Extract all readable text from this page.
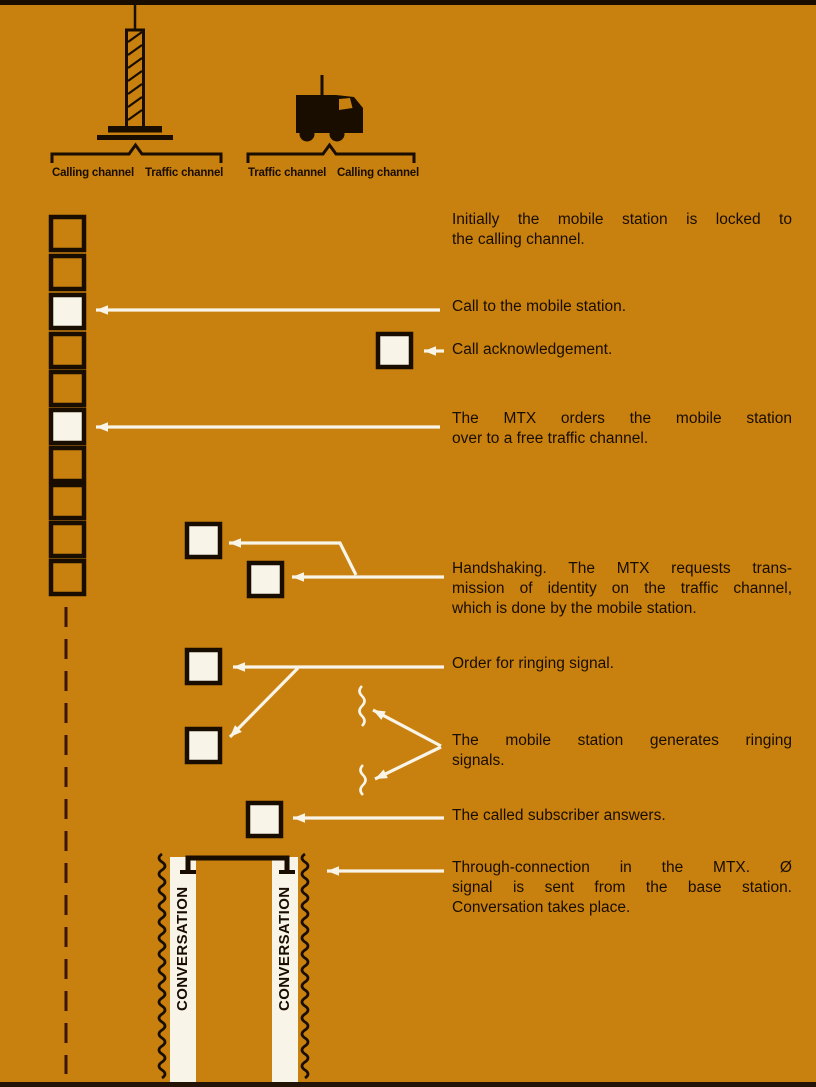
Calling channel Traffic channel Traffic channel Calling channel
Initially the mobile station is locked to
the calling channel.
Call to the mobile station.
Call acknowledgement.
The MTX orders the mobile station
over to a free traffic channel.
Handshaking. The MTX requests trans-
mission of identity on the traffic channel,
which is done by the mobile station.
Order for ringing signal.
The mobile station generates ringing
signals.
The called subscriber answers.
Through-connection in the MTX. Ø
signal is sent from the base station.
Conversation takes place.
CONVERSATION	CONVERSATION
